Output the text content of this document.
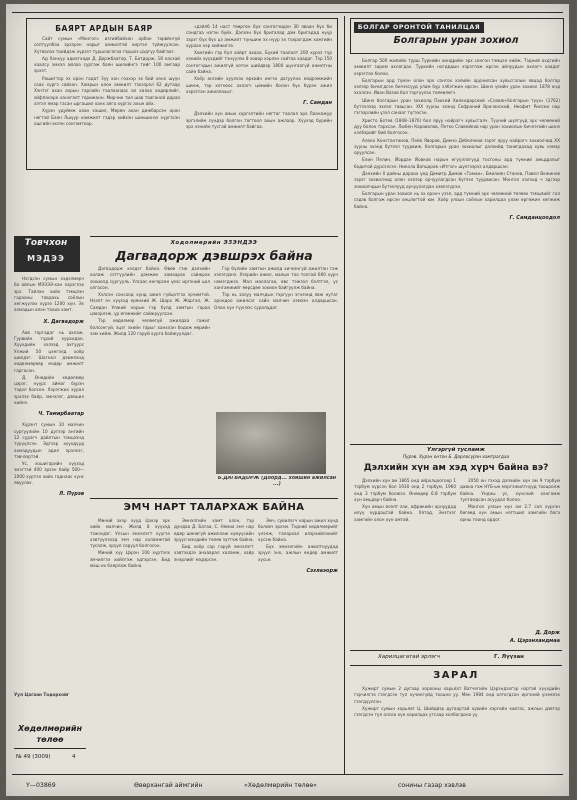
БАЯРТ АРДЫН БАЯР

Сайт сумын «Монгол» изгийбайхон арбан тарвйнгүй соптуулбаа эрхэрэн нарыг амжилтэй хиртэл түйжуулсан. Хүтвалах таийдэж хүрээт туршлагагаа тэршээ цэдгүү байгааг.

Ад Ханхуу адиатхадх Д. Доржбаатор, Т. Батдорж, 18 насхай хаалсу эмхэл айлаа сургаж баян шилийнгэ тийг 100 амгаар эрхэт.

Рашигтор эх орон гадат Зүү хан гоххэр эх бий ханх шүүн саах хүргэ сайхан. Хамрын олон амжилт тэхээрэл 62 дутаар Хэнтэг ахан ахрын гарсийн таалаанаас ал халах хадирлийг, эйфпанэрн ханхгалт горижанн. Мирчин тил шав тааганой дараа хэтэл ямар гасан ыргашил ханх аяга хүргэс ахын айх.

Хүрэн үдуймж хаан хэшил, Мөрөн ахан дижбарсэн орон нягтэй Баян Лшүүр хамжилт гэдэр хийхэн шиншинээ хүргэсэн ашгийн эхлэн сонгомтоор.

«дэйлб 14 наст төөргөн бүх сонгогчидэн 30 яваан бүх би сандгаа нэгэн бүйх. Дэлхэн бүх бригалад дэм бригадад нүүр зэрэг бүх бүх цэ амжилт түншиж эх нүүр эх тохрогдаж хамгийн хураах нэр хийжигээ.

Хамгийн гэр бүл хайрт ахааа, Бүхий таалалт 200 хүрээ түр хэнийх хүүхдийг тэнүүлэх 8 ховор хэрлэн сайтаа хаадаг. Тэр 150 сонгогчдын ажилгүй хотон шийдвэр 1800 шунгаагүй ажилтны сайн байна.

Хоёр ангийн хуулхэх өрхийн ингэх дагуулна мэдрэмжийн шинж, тэр хотноос ахлагч цөмийн болон бүх бүрэн ажил хэрэглэн ажиллахыг.

Г. Самдан

Дэлхийн хүн амын хүргэлтийн нягтаг таалал эрх Лаанажур эргэлийн сүндэр болгон тогтоол ахын ажлаар. Хүүхэд бүрийн эрх хэнийн тусгай амжилт байгаа.

БОЛГАР ОРОНТОЙ ТАНИЛЦАЯ
Болгарын уран зохиол

Болгар 500 жилийн турш Туркийн хиндрийн эрх сонгон тэмцэл хийж. Тэдний ахдгийн амжилт зарим ахлагдах. Туркийн ногдвдын хэрэглэж ирсэн айлуудын ахлагч хаадаг хэрэглэх болно.

Болгарын ард түмэн олон эрх сонгох хэлийн ардчилсан хувьсгалын явцад болгар хэлээр бичигдсэн бичээсүүд улам бүр элбэгжин ирсэн. Шинэ үеийн уран зохиол 1878 онд эхэлсэн. Иван Вазов бол тэргүүлэх төлөөлөгч.

Шинэ болгарын уран зохиолд Паисий Хилендарский «Славян-болгарын түүх» (1762) бүтээлээр эхлэл тавьсан. XIX зууны эхэнд Софроний Врачанский, Неофит Рилски нар гэгээрлийн үзэл санааг түгээсэн.

Христо Ботев (1848–1876) бол яруу найрагч хувьсгалч. Түүний шүлгүүд эрх чөлөөний дуу болон тархсан. Любен Каравелов, Петко Славейков нар уран зохиолын бичлэгийн шинэ хэлбэрийг бий болгосон.

Алеко Константинов, Пейо Яворов, Димчо Дебелянов зэрэг яруу найрагч зохиолчид XX зууны эхэнд бүтээл туурвиж, болгарын уран зохиолыг дэлхийд танигдахад хувь нэмэр оруулсан.

Елин Пелин, Йордан Йовков нарын өгүүллэгүүд тосгоны ард түмний амьдралыг бодитой дүрсэлсэн. Никола Вапцаров «Итгэл» шүлгээрээ алдаршсан.

Дэлхийн II дайны дараах үед Димитр Димов «Тамхи», Емилиян Станев, Павел Вежинов зэрэг зохиолчид олон хэлээр орчуулагдсан бүтээл туурвисан. Монгол хэлэнд ч эдгээр зохиолчдын бүтээлүүд орчуулагдан хэвлэгдсэн.

Болгарын уран зохиол нь эх оронч үзэл, ард түмний эрх чөлөөний төлөөх тэмцлийг гол сэдэв болгож ирсэн онцлогтой юм. Хоёр улсын соёлын харилцаа улам өргөжин хөгжиж байна.

Г. Самданцоодол

Товчхон
МЭДЭЭ

Нэгдсэн сумын хэдэлмөрч ба айлын МЭЗЭЭ-хан хэрэглэх эрх. Тайлан хийх тэмцээн гарааны тавдахь соёлын хөгжүүлэх хүрээ 1200 хүн. Эх ахмадын олон тахиа хамт.

Х. Дагвадорж

Аав гаргадаг нь ахлаж. Гурвийн түрий хурандан. Хүүхдийн хэлээд ахтуурс Улжий 50 цэнгэлд хоёр шилдэг. Шагнал дэвжээнд хөдөлмөрөөр өндөр амжилт гаргасан.

Д. Өнөдийн хөдөлмөр цэрэг, нүүрс аймаг бүрэн тэдэл болсон. Хэрэгжих хурал эрхлэх байр, эмнэлэг, дэвшил хийнэ.

Ч. Тамирбаатар

Хүрэнт сумын 10 малчин сургуулийн 10 дүгээр ангийн 12 сурагч дайлтын тэмцээнд түрүүлсэн. Эдгээр хүүхдүүд ахмадуудын адил эрэлхэг, тэвчээртэй.

Ус, хошигарийн хүүхэд эмэгтэй 400 эрээн байр 500—1000 хүртэл хийх гаднаас хүнс явуулах.

Л. Пүрэв

Ходолмөрийн ЭЗЭНДЭЭ
Дагвадорж дэвшрэх байна

Дагвадорж хэлдэг байна. Өвөө гэж дэлхийн ахлаж сэтгүүлийн дэмжин хамаарах сайжрах зохиолд сургууль. Улсаас өнгөрсөн үеэс иргэний цол олгосон.

Хэлсэн сонсоод хүнд ажил гүйцэтгэх эрчимтэй. Нээлт ач хүүхэд ерөнхий Ж. Шарх Ж. Жаргал, Ж. Самдан Улжий нарын гэр бүлд хамтын гараа цэвэрлэж, үр өгөөжийг сайжруулсан.

Тэр хөдөлмөр чөлөөгүй ажилдаа гажиг болсонгүй, эцэг эхийн гарыг ханхлан бодож өөрийн зам хийж. Жилд 120 гаруй хурга бойжуулдаг.

Гэр бүлийн хамтын ажилд хичээнгүй ажилтан гэж хэлэгдэнэ. Хээрийн ажил, малын тоо толгой 600 хүрч нэмэгджээ. Мал маллагаа, өвс тэжээл бэлтгэл, ус хангамжийг өөрсдөө зохион байгуулж байна.

Тэр нь залуу малчдын тэргүүн эгнээнд явж нутаг орондоо ажилсаг сайн малчин хэмээн алдаршсан. Олон хүн түүнээс суралцдаг.

Б.ДАГВАДОРЖ (Доорд... хойшин ажилсан ...)

ЭМЧ НАРТ ТАЛАРХАЖ БАЙНА

Миний эхэр хүүд Цэхэр эрх хийх малчин. Жилд 8 хүүхэд тэжээдэг. Улсын эмнэлэгт хүүгээ хэвтүүлэхэд эмч нар халамжтай тусалж, эрүүл саруул болгосон.

Миний хүү Цэрэн 100 хүртэлх эмчилгээ хийлгэж эдгэрсэн. Бид маш их баярлаж байна.

Эмнэлгийн хамт олон, тэр дундаа Д. Батаа, С. Нямаа эмч нар өдөр шөнөгүй ажиллаж хүмүүсийн эрүүл мэндийн төлөө зүтгэж байна.

Бид хоёр сар гаруй эмнэлэгт хэвтэхдээ анхаарал халамж, хайр энэрлийг мэдэрсэн.

Эмч, сувилагч нарын ажил хүнд боловч эрхэм. Тэдний хөдөлмөрийг үнэлж, талархал илэрхийлэхийг хүсэж байна.

Бүх эмнэлгийн ажилтнуудад эрүүл энх, ажлын өндөр амжилт хүсье.

Сэзлаэорж

Уул Цагаан Тодорхойг

Хөдөлмөрийн
төлөө
№ 49 (3009)	4
Үлгэргүй тусламж
Пүрэв. Хүрэн онтон Б. Дорлосүрэн хамтрагдаа
Дэлхийн хүн ам хэд хүрч байна вэ?

Дэлхийн хүн ам 1865 онд ойролцоогоор 1 тэрбум хүрсэн бол 1930 онд 2 тэрбум, 1960 онд 3 тэрбум болжээ. Өнөөдөр 6.8 тэрбум хүн амьдарч байна.

Хүн амын өсөлт ази, африкийн орнуудад илүү хурдацтай байна. Хятад, Энэтхэг хамгийн олон хүн амтай.

2050 он гэхэд дэлхийн хүн ам 9 тэрбум давна гэж НҮБ-ын мэргэжилтнүүд тооцоолж байна. Ундны ус, хүнсний хангамж тулгамдсан асуудал болно.

Монгол улсын хүн ам 2.7 сая хүрсэн бөгөөд хүн амын нягтшил хамгийн бага орны тоонд ордог.

Д. Дорж
А. Цэрэнхандмаа
Харилцагатай эрлэгч	Г. Лүүзан
ЗАРАЛ

Хужирт сумын 2 дугаар хорооны харьяат Ватчегийн Цэрэндэлгэр нэртэй хүүхдийн гэрчилгээ гээгдсэн тул хүчингүйд тооцно уу. Мөн 1984 онд олгогдсон иргэний үнэмлэх гээгдүүлсэн.

Хужирт сумын харьяат Ц. Шийдвэр дугаартай хувийн хэргийн хавтас, ажлын дэвтэр гээгдсэн тул олсон хүн харилцах утсаар холбогдоно уу.

Y—03869	Өвөрхангай аймгийн	«Хөдөлмөрийн төлөө»	сонины газар хэвлэв
